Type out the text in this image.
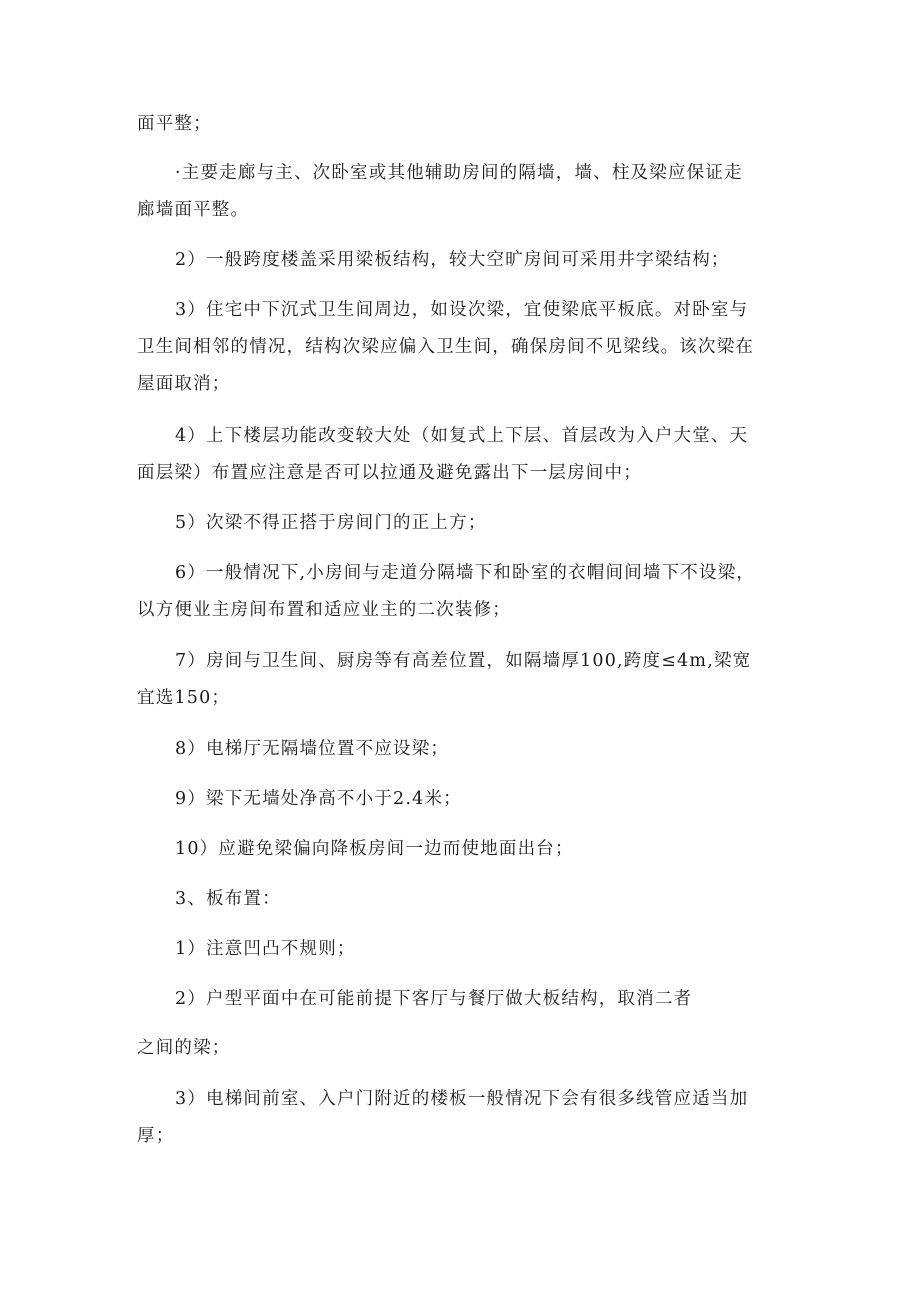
面平整；

·主要走廊与主、次卧室或其他辅助房间的隔墙，墙、柱及梁应保证走
廊墙面平整。

2）一般跨度楼盖采用梁板结构，较大空旷房间可采用井字梁结构；

3）住宅中下沉式卫生间周边，如设次梁，宜使梁底平板底。对卧室与
卫生间相邻的情况，结构次梁应偏入卫生间，确保房间不见梁线。该次梁在
屋面取消；

4）上下楼层功能改变较大处（如复式上下层、首层改为入户大堂、天
面层梁）布置应注意是否可以拉通及避免露出下一层房间中；

5）次梁不得正搭于房间门的正上方；

6）一般情况下,小房间与走道分隔墙下和卧室的衣帽间间墙下不设梁，
以方便业主房间布置和适应业主的二次装修；

7）房间与卫生间、厨房等有高差位置，如隔墙厚100,跨度≤4m,梁宽
宜选150；

8）电梯厅无隔墙位置不应设梁；

9）梁下无墙处净高不小于2.4米；

10）应避免梁偏向降板房间一边而使地面出台；

3、板布置：

1）注意凹凸不规则；

2）户型平面中在可能前提下客厅与餐厅做大板结构，取消二者

之间的梁；

3）电梯间前室、入户门附近的楼板一般情况下会有很多线管应适当加
厚；
